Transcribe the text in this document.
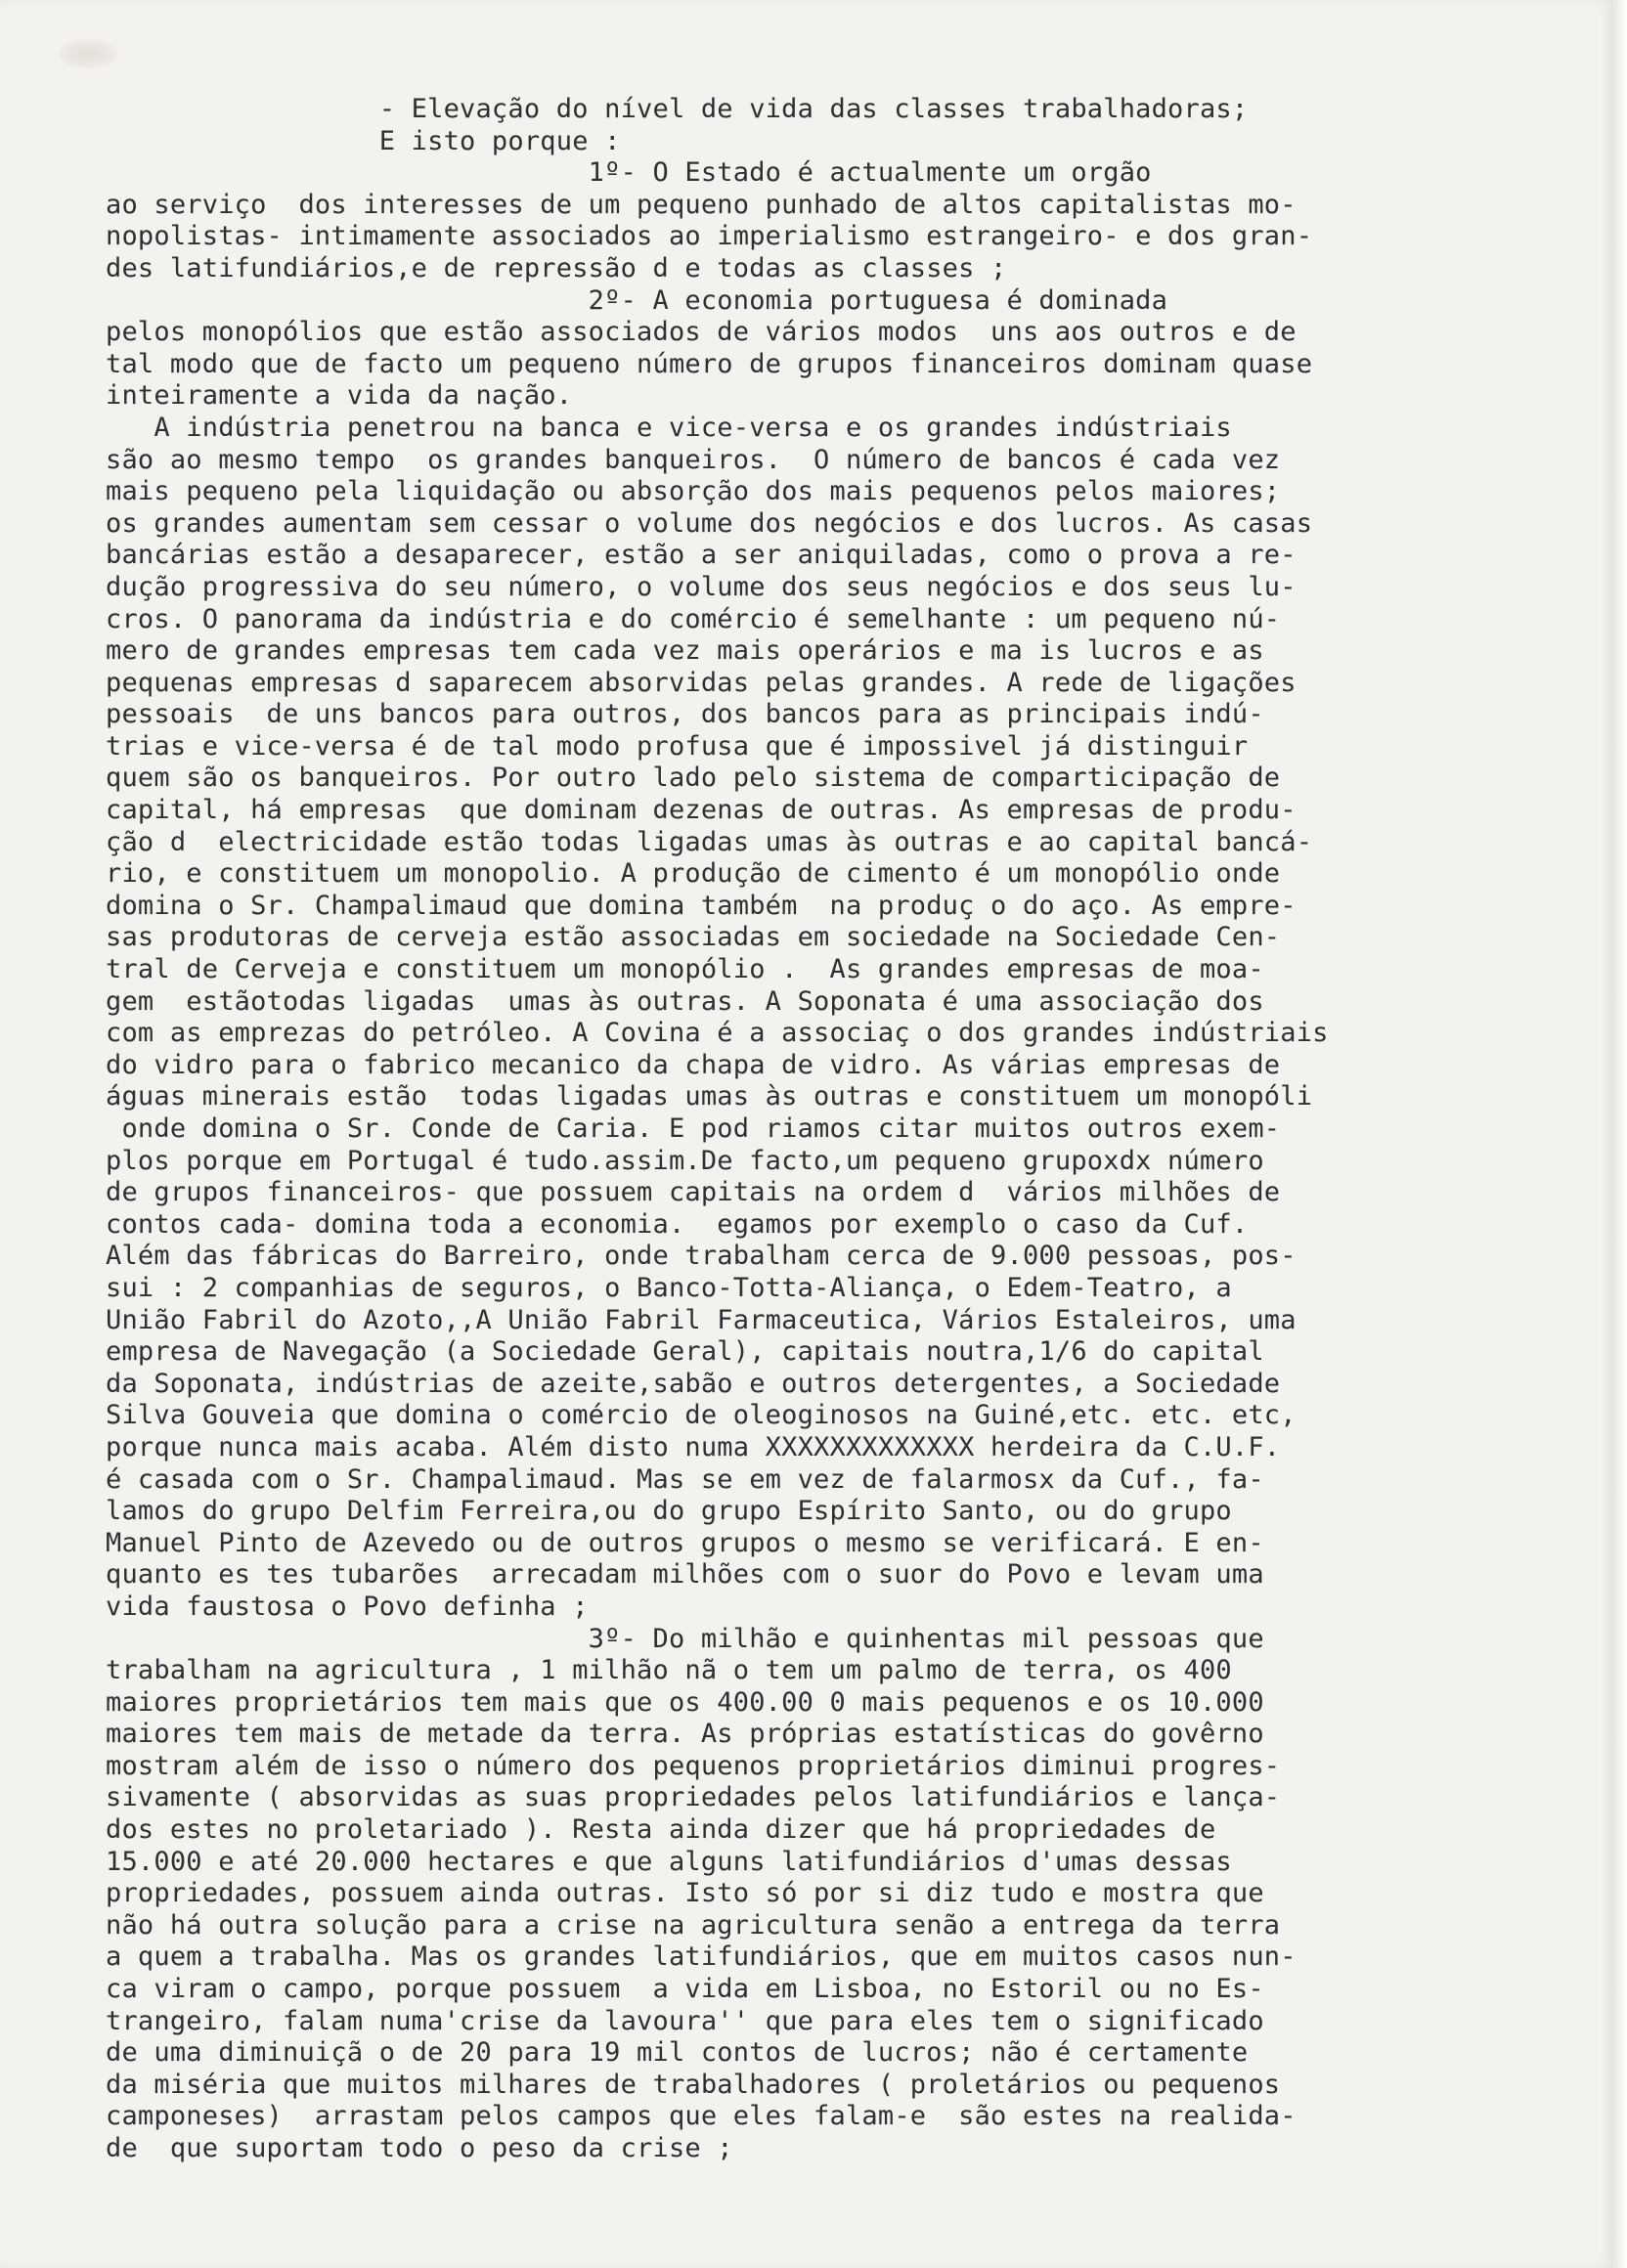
- Elevação do nível de vida das classes trabalhadoras;
E isto porque :
1º- O Estado é actualmente um orgão
ao serviço  dos interesses de um pequeno punhado de altos capitalistas mo-
nopolistas- intimamente associados ao imperialismo estrangeiro- e dos gran-
des latifundiários,e de repressão d e todas as classes ;
2º- A economia portuguesa é dominada
pelos monopólios que estão associados de vários modos  uns aos outros e de
tal modo que de facto um pequeno número de grupos financeiros dominam quase
inteiramente a vida da nação.
A indústria penetrou na banca e vice-versa e os grandes indústriais
são ao mesmo tempo  os grandes banqueiros.  O número de bancos é cada vez
mais pequeno pela liquidação ou absorção dos mais pequenos pelos maiores;
os grandes aumentam sem cessar o volume dos negócios e dos lucros. As casas
bancárias estão a desaparecer, estão a ser aniquiladas, como o prova a re-
dução progressiva do seu número, o volume dos seus negócios e dos seus lu-
cros. O panorama da indústria e do comércio é semelhante : um pequeno nú-
mero de grandes empresas tem cada vez mais operários e ma is lucros e as
pequenas empresas d saparecem absorvidas pelas grandes. A rede de ligações
pessoais  de uns bancos para outros, dos bancos para as principais indú-
trias e vice-versa é de tal modo profusa que é impossivel já distinguir
quem são os banqueiros. Por outro lado pelo sistema de comparticipação de
capital, há empresas  que dominam dezenas de outras. As empresas de produ-
ção d  electricidade estão todas ligadas umas às outras e ao capital bancá-
rio, e constituem um monopolio. A produção de cimento é um monopólio onde
domina o Sr. Champalimaud que domina também  na produç o do aço. As empre-
sas produtoras de cerveja estão associadas em sociedade na Sociedade Cen-
tral de Cerveja e constituem um monopólio .  As grandes empresas de moa-
gem  estãotodas ligadas  umas às outras. A Soponata é uma associação dos
com as emprezas do petróleo. A Covina é a associaç o dos grandes indústriais
do vidro para o fabrico mecanico da chapa de vidro. As várias empresas de
águas minerais estão  todas ligadas umas às outras e constituem um monopóli
onde domina o Sr. Conde de Caria. E pod riamos citar muitos outros exem-
plos porque em Portugal é tudo.assim.De facto,um pequeno grupoxdx número
de grupos financeiros- que possuem capitais na ordem d  vários milhões de
contos cada- domina toda a economia.  egamos por exemplo o caso da Cuf.
Além das fábricas do Barreiro, onde trabalham cerca de 9.000 pessoas, pos-
sui : 2 companhias de seguros, o Banco-Totta-Aliança, o Edem-Teatro, a
União Fabril do Azoto,,A União Fabril Farmaceutica, Vários Estaleiros, uma
empresa de Navegação (a Sociedade Geral), capitais noutra,1/6 do capital
da Soponata, indústrias de azeite,sabão e outros detergentes, a Sociedade
Silva Gouveia que domina o comércio de oleoginosos na Guiné,etc. etc. etc,
porque nunca mais acaba. Além disto numa XXXXXXXXXXXXX herdeira da C.U.F.
é casada com o Sr. Champalimaud. Mas se em vez de falarmosx da Cuf., fa-
lamos do grupo Delfim Ferreira,ou do grupo Espírito Santo, ou do grupo
Manuel Pinto de Azevedo ou de outros grupos o mesmo se verificará. E en-
quanto es tes tubarões  arrecadam milhões com o suor do Povo e levam uma
vida faustosa o Povo definha ;
3º- Do milhão e quinhentas mil pessoas que
trabalham na agricultura , 1 milhão nã o tem um palmo de terra, os 400
maiores proprietários tem mais que os 400.00 0 mais pequenos e os 10.000
maiores tem mais de metade da terra. As próprias estatísticas do govêrno
mostram além de isso o número dos pequenos proprietários diminui progres-
sivamente ( absorvidas as suas propriedades pelos latifundiários e lança-
dos estes no proletariado ). Resta ainda dizer que há propriedades de
15.000 e até 20.000 hectares e que alguns latifundiários d'umas dessas
propriedades, possuem ainda outras. Isto só por si diz tudo e mostra que
não há outra solução para a crise na agricultura senão a entrega da terra
a quem a trabalha. Mas os grandes latifundiários, que em muitos casos nun-
ca viram o campo, porque possuem  a vida em Lisboa, no Estoril ou no Es-
trangeiro, falam numa'crise da lavoura'' que para eles tem o significado
de uma diminuiçã o de 20 para 19 mil contos de lucros; não é certamente
da miséria que muitos milhares de trabalhadores ( proletários ou pequenos
camponeses)  arrastam pelos campos que eles falam-e  são estes na realida-
de  que suportam todo o peso da crise ;
